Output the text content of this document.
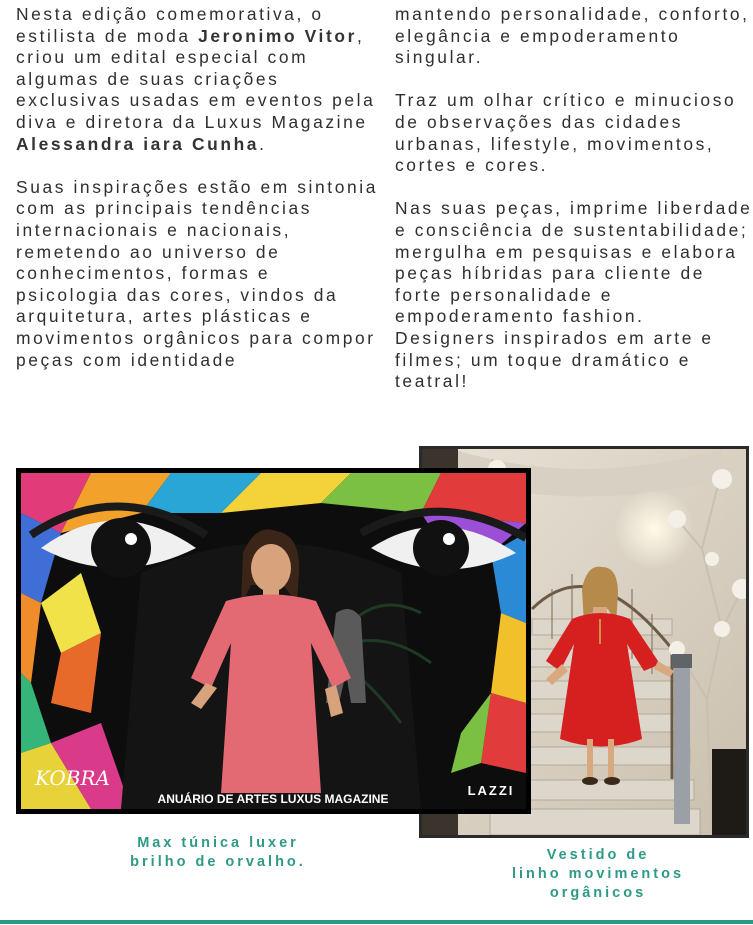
Nesta edição comemorativa, o estilista de moda Jeronimo Vitor, criou um edital especial com algumas de suas criações exclusivas usadas em eventos pela diva e diretora da Luxus Magazine Alessandra iara Cunha.

Suas inspirações estão em sintonia com as principais tendências internacionais e nacionais, remetendo ao universo de conhecimentos, formas e psicologia das cores, vindos da arquitetura, artes plásticas e movimentos orgânicos para compor peças com identidade

mantendo personalidade, conforto, elegância e empoderamento singular.

Traz um olhar crítico e minucioso de observações das cidades urbanas, lifestyle, movimentos, cortes e cores.

Nas suas peças, imprime liberdade e consciência de sustentabilidade; mergulha em pesquisas e elabora peças híbridas para cliente de forte personalidade e empoderamento fashion. Designers inspirados em arte e filmes; um toque dramático e teatral!

KOBRA
ANUÁRIO DE ARTES LUXUS MAGAZINE
LAZZI
Max túnica luxer
brilho de orvalho.	Vestido de
linho movimentos
orgânicos
